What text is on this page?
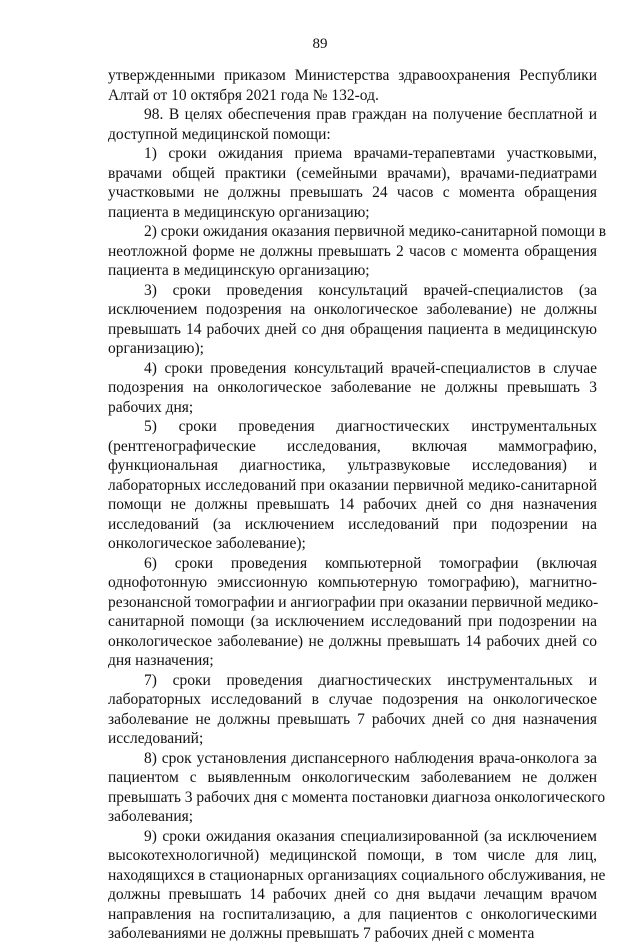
89
утвержденными приказом Министерства здравоохранения Республики
Алтай от 10 октября 2021 года № 132-од.
98. В целях обеспечения прав граждан на получение бесплатной и
доступной медицинской помощи:
1) сроки ожидания приема врачами-терапевтами участковыми,
врачами общей практики (семейными врачами), врачами-педиатрами
участковыми не должны превышать 24 часов с момента обращения
пациента в медицинскую организацию;
2) сроки ожидания оказания первичной медико-санитарной помощи в
неотложной форме не должны превышать 2 часов с момента обращения
пациента в медицинскую организацию;
3) сроки проведения консультаций врачей-специалистов (за
исключением подозрения на онкологическое заболевание) не должны
превышать 14 рабочих дней со дня обращения пациента в медицинскую
организацию);
4) сроки проведения консультаций врачей-специалистов в случае
подозрения на онкологическое заболевание не должны превышать 3
рабочих дня;
5) сроки проведения диагностических инструментальных
(рентгенографические исследования, включая маммографию,
функциональная диагностика, ультразвуковые исследования) и
лабораторных исследований при оказании первичной медико-санитарной
помощи не должны превышать 14 рабочих дней со дня назначения
исследований (за исключением исследований при подозрении на
онкологическое заболевание);
6) сроки проведения компьютерной томографии (включая
однофотонную эмиссионную компьютерную томографию), магнитно-
резонансной томографии и ангиографии при оказании первичной медико-
санитарной помощи (за исключением исследований при подозрении на
онкологическое заболевание) не должны превышать 14 рабочих дней со
дня назначения;
7) сроки проведения диагностических инструментальных и
лабораторных исследований в случае подозрения на онкологическое
заболевание не должны превышать 7 рабочих дней со дня назначения
исследований;
8) срок установления диспансерного наблюдения врача-онколога за
пациентом с выявленным онкологическим заболеванием не должен
превышать 3 рабочих дня с момента постановки диагноза онкологического
заболевания;
9) сроки ожидания оказания специализированной (за исключением
высокотехнологичной) медицинской помощи, в том числе для лиц,
находящихся в стационарных организациях социального обслуживания, не
должны превышать 14 рабочих дней со дня выдачи лечащим врачом
направления на госпитализацию, а для пациентов с онкологическими
заболеваниями не должны превышать 7 рабочих дней с момента
